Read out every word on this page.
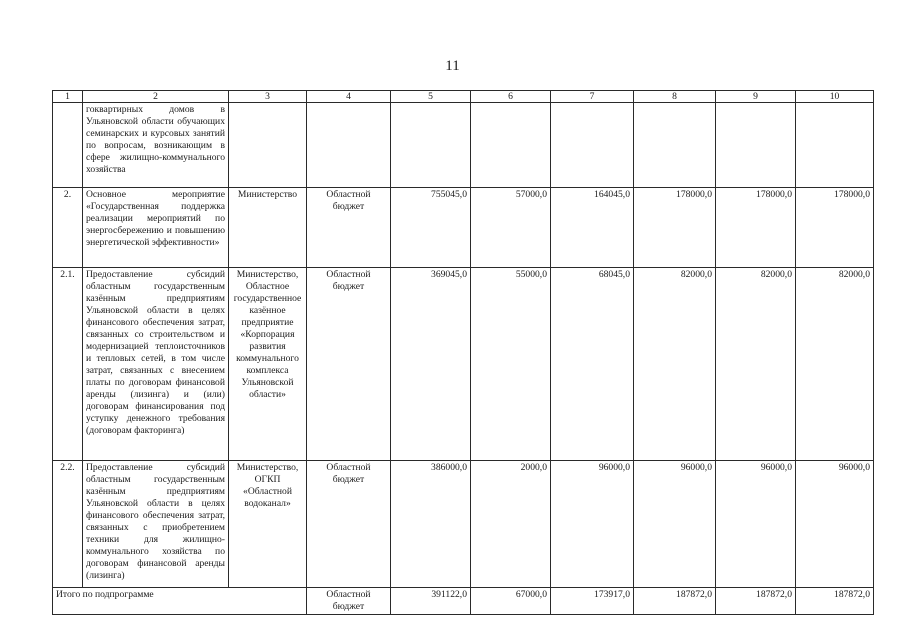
11
1	2	3	4	5	6	7	8	9	10
	гоквартирных домов в Ульяновской области обучающих семинарских и курсовых занятий по вопросам, возникающим в сфере жилищно-коммунального хозяйства								
2.	Основное мероприятие «Государственная поддержка реализации мероприятий по энергосбережению и повышению энергетической эффективности»	Министерство	Областной бюджет	755045,0	57000,0	164045,0	178000,0	178000,0	178000,0
2.1.	Предоставление субсидий областным государственным казённым предприятиям Ульяновской области в целях финансового обеспечения затрат, связанных со строительством и модернизацией теплоисточников и тепловых сетей, в том числе затрат, связанных с внесением платы по договорам финансовой аренды (лизинга) и (или) договорам финансирования под уступку денежного требования (договорам факторинга)	Министерство, Областное государственное казённое предприятие «Корпорация развития коммунального комплекса Ульяновской области»	Областной бюджет	369045,0	55000,0	68045,0	82000,0	82000,0	82000,0
2.2.	Предоставление субсидий областным государственным казённым предприятиям Ульяновской области в целях финансового обеспечения затрат, связанных с приобретением техники для жилищно-коммунального хозяйства по договорам финансовой аренды (лизинга)	Министерство, ОГКП «Областной водоканал»	Областной бюджет	386000,0	2000,0	96000,0	96000,0	96000,0	96000,0
Итого по подпрограмме			Областной бюджет	391122,0	67000,0	173917,0	187872,0	187872,0	187872,0
